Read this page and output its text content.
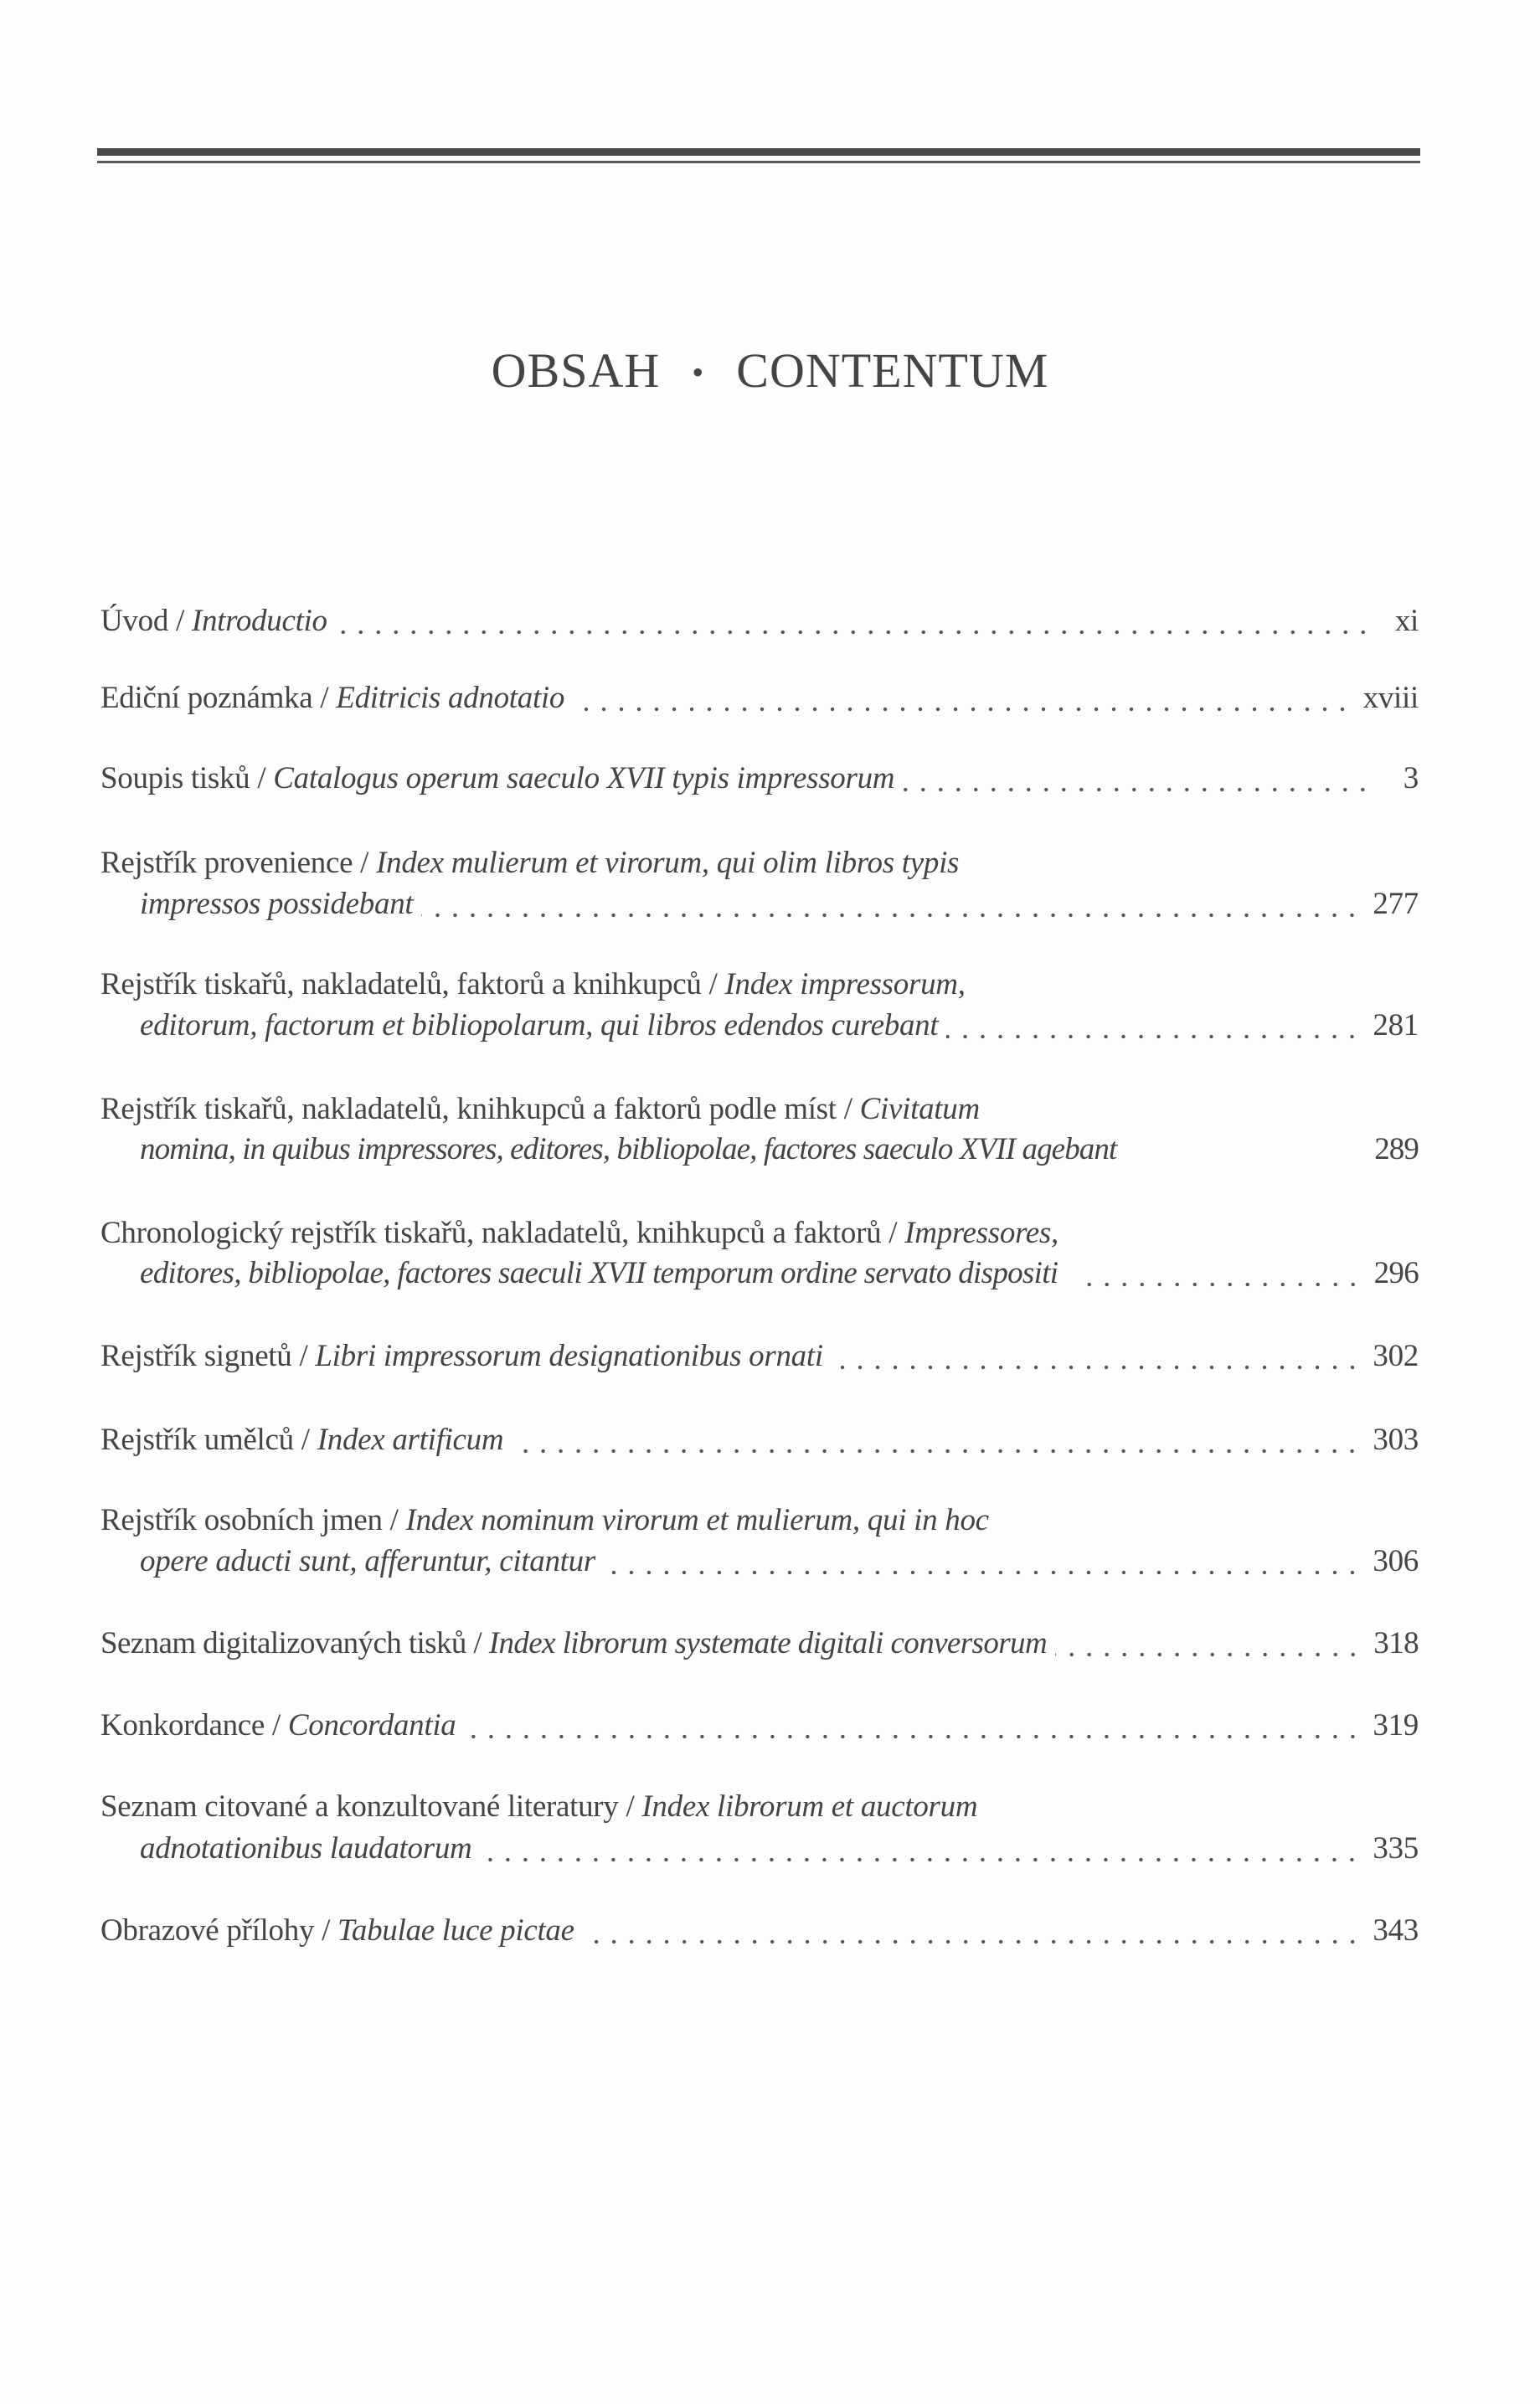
OBSAH • CONTENTUM
Úvod / Introductio	xi
Ediční poznámka / Editricis adnotatio	xviii
Soupis tisků / Catalogus operum saeculo XVII typis impressorum	3
Rejstřík provenience / Index mulierum et virorum, qui olim libros typis
impressos possidebant	277
Rejstřík tiskařů, nakladatelů, faktorů a knihkupců / Index impressorum,
editorum, factorum et bibliopolarum, qui libros edendos curebant	281
Rejstřík tiskařů, nakladatelů, knihkupců a faktorů podle míst / Civitatum
nomina, in quibus impressores, editores, bibliopolae, factores saeculo XVII agebant	289
Chronologický rejstřík tiskařů, nakladatelů, knihkupců a faktorů / Impressores,
editores, bibliopolae, factores saeculi XVII temporum ordine servato dispositi	296
Rejstřík signetů / Libri impressorum designationibus ornati	302
Rejstřík umělců / Index artificum	303
Rejstřík osobních jmen / Index nominum virorum et mulierum, qui in hoc
opere aducti sunt, afferuntur, citantur	306
Seznam digitalizovaných tisků / Index librorum systemate digitali conversorum	318
Konkordance / Concordantia	319
Seznam citované a konzultované literatury / Index librorum et auctorum
adnotationibus laudatorum	335
Obrazové přílohy / Tabulae luce pictae	343
